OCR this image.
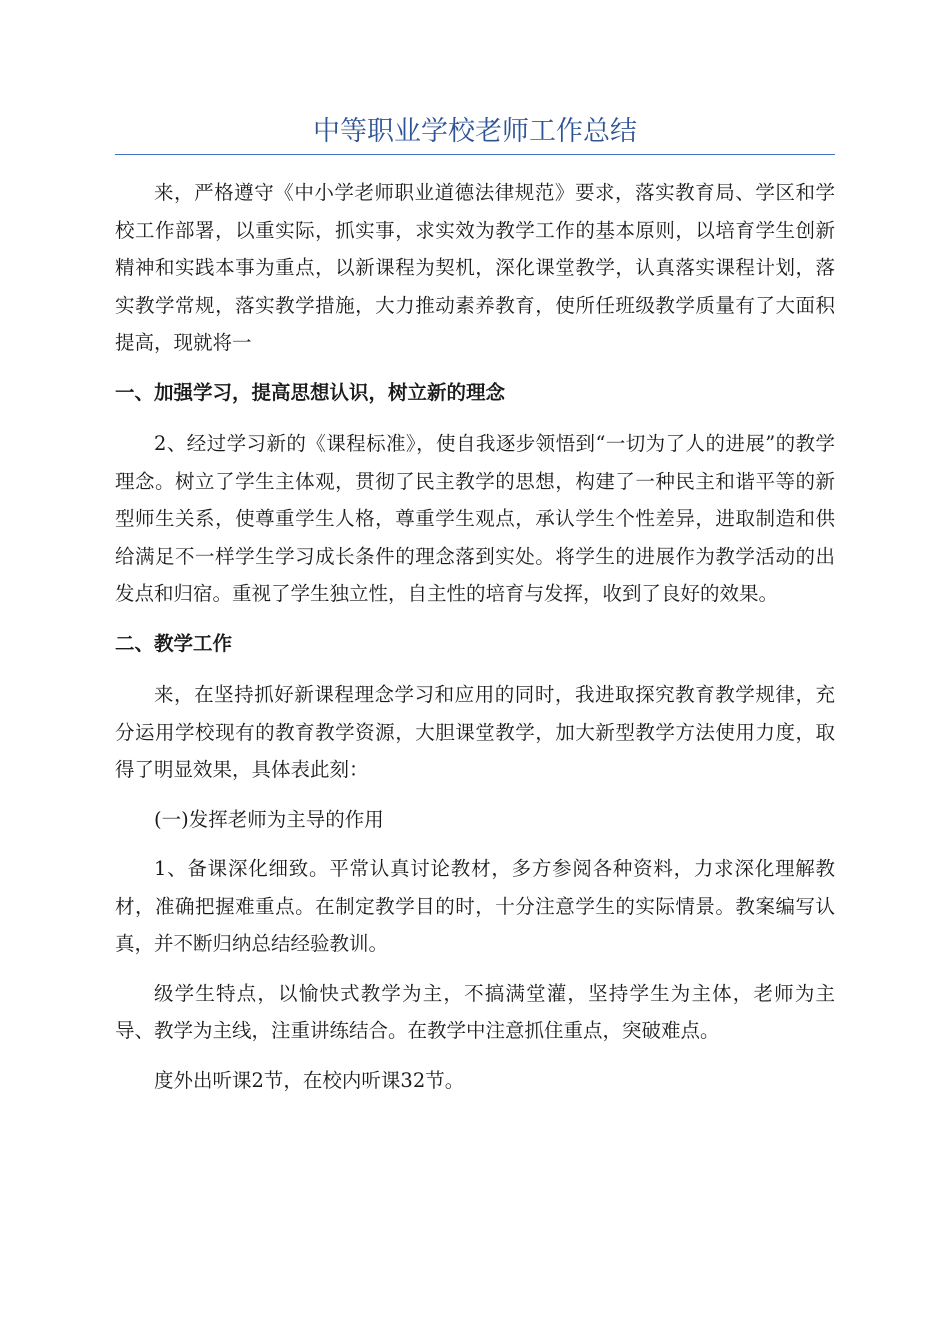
中等职业学校老师工作总结

来，严格遵守《中小学老师职业道德法律规范》要求，落实教育局、学区和学校工作部署，以重实际，抓实事，求实效为教学工作的基本原则，以培育学生创新精神和实践本事为重点，以新课程为契机，深化课堂教学，认真落实课程计划，落实教学常规，落实教学措施，大力推动素养教育，使所任班级教学质量有了大面积提高，现就将一

一、加强学习，提高思想认识，树立新的理念

2、经过学习新的《课程标准》，使自我逐步领悟到“一切为了人的进展”的教学理念。树立了学生主体观，贯彻了民主教学的思想，构建了一种民主和谐平等的新型师生关系，使尊重学生人格，尊重学生观点，承认学生个性差异，进取制造和供给满足不一样学生学习成长条件的理念落到实处。将学生的进展作为教学活动的出发点和归宿。重视了学生独立性，自主性的培育与发挥，收到了良好的效果。

二、教学工作

来，在坚持抓好新课程理念学习和应用的同时，我进取探究教育教学规律，充分运用学校现有的教育教学资源，大胆课堂教学，加大新型教学方法使用力度，取得了明显效果，具体表此刻：

(一)发挥老师为主导的作用

1、备课深化细致。平常认真讨论教材，多方参阅各种资料，力求深化理解教材，准确把握难重点。在制定教学目的时，十分注意学生的实际情景。教案编写认真，并不断归纳总结经验教训。

级学生特点，以愉快式教学为主，不搞满堂灌，坚持学生为主体，老师为主导、教学为主线，注重讲练结合。在教学中注意抓住重点，突破难点。

度外出听课2节，在校内听课32节。
